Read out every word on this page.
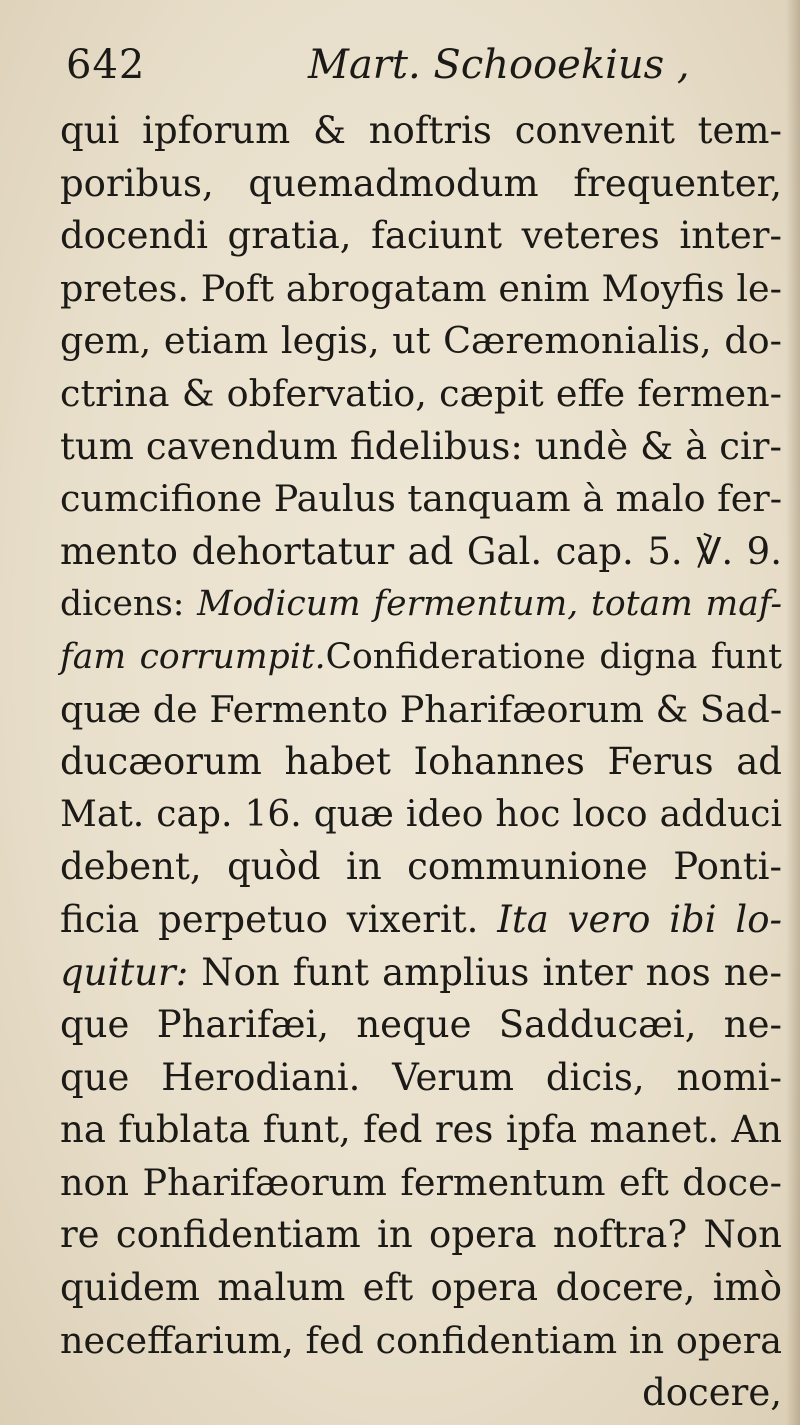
642	Mart. Schooekius ,
qui ipforum & noftris convenit tem-
poribus, quemadmodum frequenter,
docendi gratia, faciunt veteres inter-
pretes. Poft abrogatam enim Moyfis le-
gem, etiam legis, ut Cæremonialis, do-
ctrina & obfervatio, cæpit effe fermen-
tum cavendum fidelibus: undè & à cir-
cumcifione Paulus tanquam à malo fer-
mento dehortatur ad Gal. cap. 5. ℣. 9.
dicens: Modicum fermentum, totam maf-
fam corrumpit.Confideratione digna funt
quæ de Fermento Pharifæorum & Sad-
ducæorum habet Iohannes Ferus ad
Mat. cap. 16. quæ ideo hoc loco adduci
debent, quòd in communione Ponti-
ficia perpetuo vixerit. Ita vero ibi lo-
quitur: Non funt amplius inter nos ne-
que Pharifæi, neque Sadducæi, ne-
que Herodiani. Verum dicis, nomi-
na fublata funt, fed res ipfa manet. An
non Pharifæorum fermentum eft doce-
re confidentiam in opera noftra? Non
quidem malum eft opera docere, imò
neceffarium, fed confidentiam in opera
docere,
